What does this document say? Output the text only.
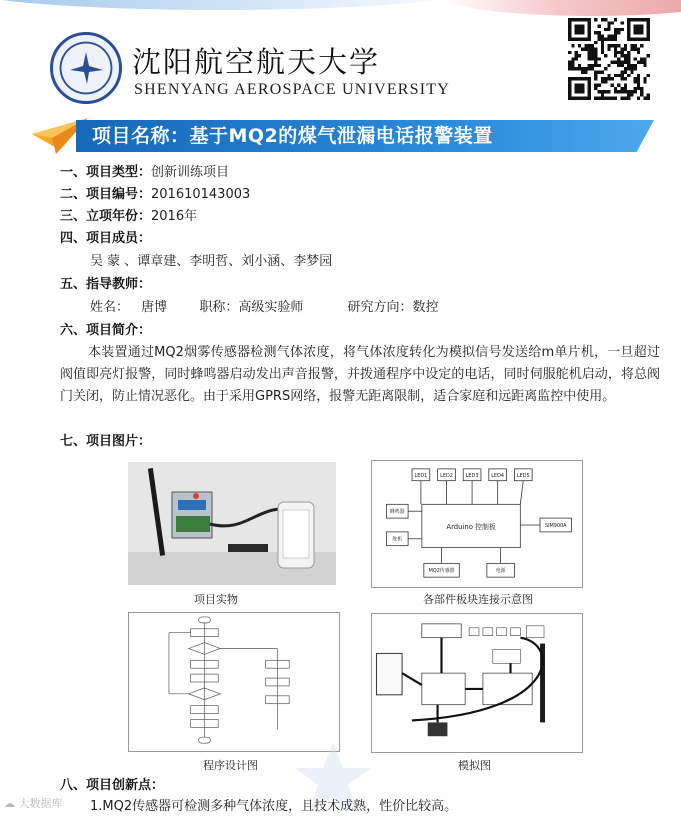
沈阳航空航天大学
SHENYANG AEROSPACE UNIVERSITY
项目名称：基于MQ2的煤气泄漏电话报警装置
一、项目类型：创新训练项目
二、项目编号：201610143003
三、立项年份：2016年
四、项目成员：
吴 蒙 、谭章建、李明哲、刘小涵、李梦园
五、指导教师：
姓名： 唐博 职称：高级实验师	研究方向：数控
六、项目简介：
本装置通过MQ2烟雾传感器检测气体浓度，将气体浓度转化为模拟信号发送给m单片机，一旦超过阀值即亮灯报警，同时蜂鸣器启动发出声音报警，并拨通程序中设定的电话，同时伺服舵机启动，将总阀门关闭，防止情况恶化。由于采用GPRS网络，报警无距离限制，适合家庭和远距离监控中使用。
七、项目图片：
项目实物
LED1	LED2	LED3	LED4	LED5
Arduino 控制板
蜂鸣器
舵机
SIM900A
MQ2传感器	电源
各部件板块连接示意图
程序设计图	模拟图
八、项目创新点：
1.MQ2传感器可检测多种气体浓度，且技术成熟，性价比较高。
☁ 大数据库
